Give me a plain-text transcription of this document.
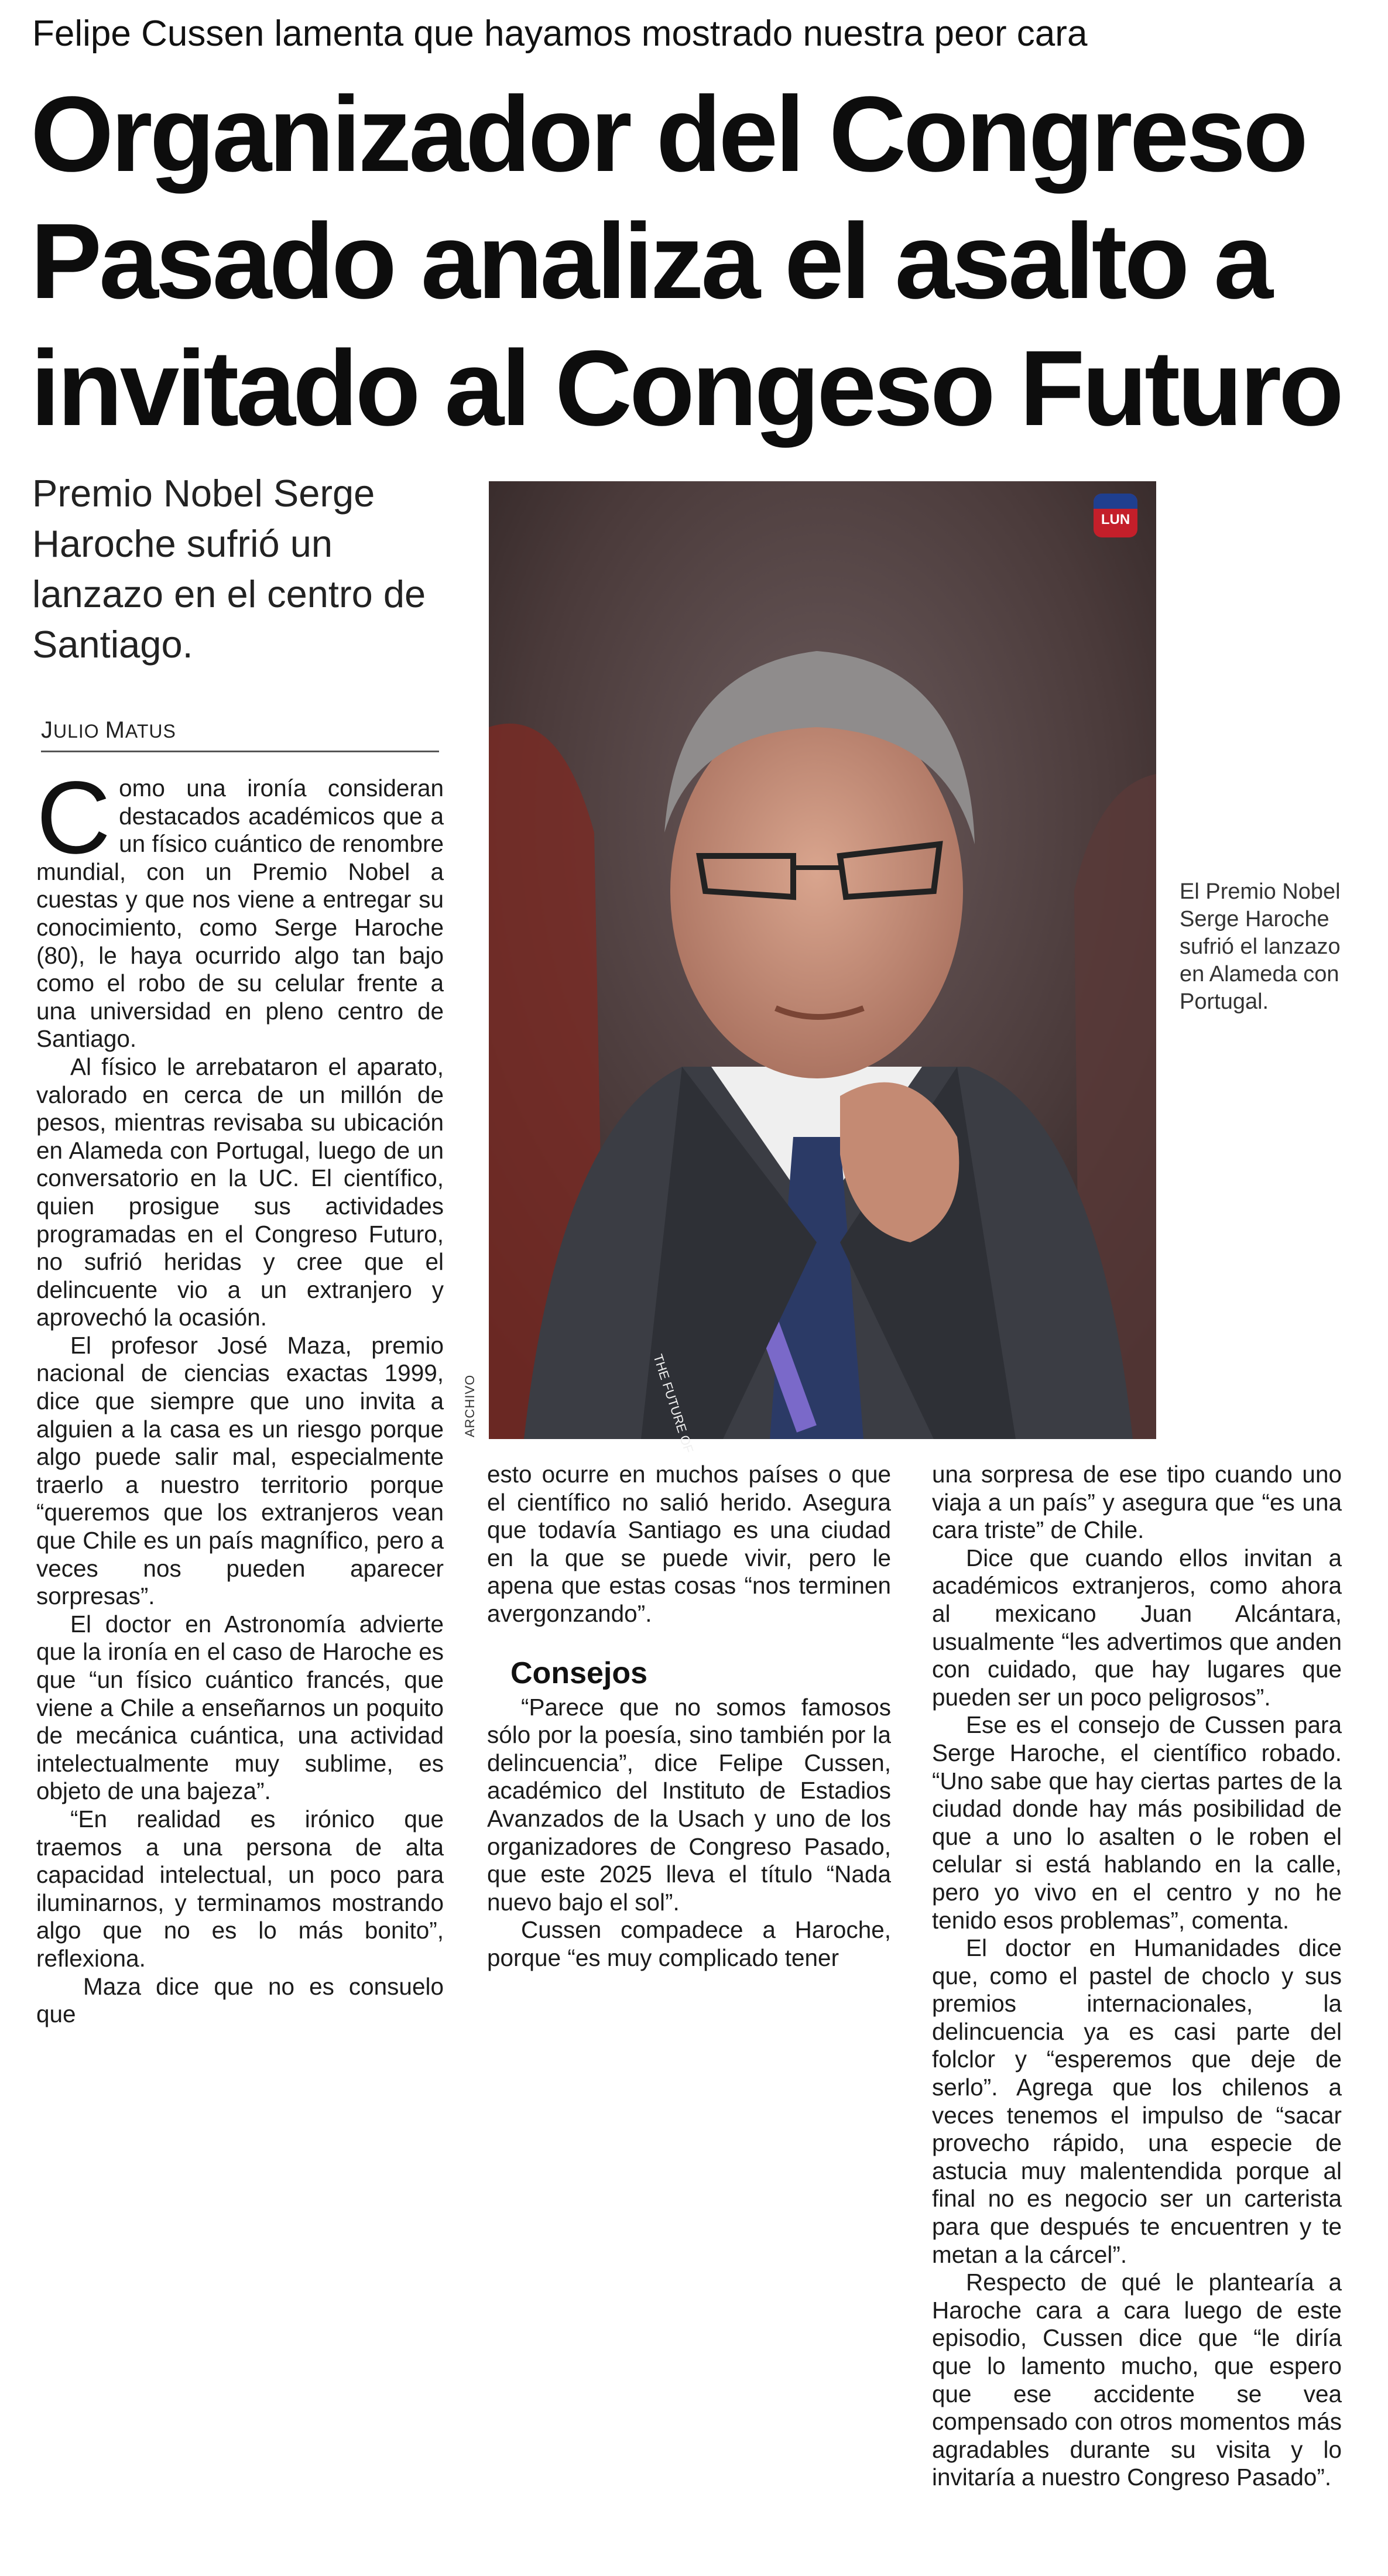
Felipe Cussen lamenta que hayamos mostrado nuestra peor cara
Organizador del Congreso
Pasado analiza el asalto a
invitado al Congeso Futuro

Premio Nobel Serge Haroche sufrió un lanzazo en el centro de Santiago.

JULIO MATUS

Como una ironía consideran destacados académicos que a un físico cuántico de renombre mundial, con un Premio Nobel a cuestas y que nos viene a entregar su conocimiento, como Serge Haroche (80), le haya ocurrido algo tan bajo como el robo de su celular frente a una universidad en pleno centro de Santiago.

Al físico le arrebataron el aparato, valorado en cerca de un millón de pesos, mientras revisaba su ubicación en Alameda con Portugal, luego de un conversatorio en la UC. El científico, quien prosigue sus actividades programadas en el Congreso Futuro, no sufrió heridas y cree que el delincuente vio a un extranjero y aprovechó la ocasión.

El profesor José Maza, premio nacional de ciencias exactas 1999, dice que siempre que uno invita a alguien a la casa es un riesgo porque algo puede salir mal, especialmente traerlo a nuestro territorio porque “queremos que los extranjeros vean que Chile es un país magnífico, pero a veces nos pueden aparecer sorpresas”.

El doctor en Astronomía advierte que la ironía en el caso de Haroche es que “un físico cuántico francés, que viene a Chile a enseñarnos un poquito de mecánica cuántica, una actividad intelectualmente muy sublime, es objeto de una bajeza”.

“En realidad es irónico que traemos a una persona de alta capacidad intelectual, un poco para iluminarnos, y terminamos mostrando algo que no es lo más bonito”, reflexiona.

Maza dice que no es consuelo que

LUN
THE FUTURE OF
ARCHIVO
El Premio Nobel Serge Haroche sufrió el lanzazo en Alameda con Portugal.

esto ocurre en muchos países o que el científico no salió herido. Asegura que todavía Santiago es una ciudad en la que se puede vivir, pero le apena que estas cosas “nos terminen avergonzando”.

Consejos

“Parece que no somos famosos sólo por la poesía, sino también por la delincuencia”, dice Felipe Cussen, académico del Instituto de Estadios Avanzados de la Usach y uno de los organizadores de Congreso Pasado, que este 2025 lleva el título “Nada nuevo bajo el sol”.

Cussen compadece a Haroche, porque “es muy complicado tener

una sorpresa de ese tipo cuando uno viaja a un país” y asegura que “es una cara triste” de Chile.

Dice que cuando ellos invitan a académicos extranjeros, como ahora al mexicano Juan Alcántara, usualmente “les advertimos que anden con cuidado, que hay lugares que pueden ser un poco peligrosos”.

Ese es el consejo de Cussen para Serge Haroche, el científico robado. “Uno sabe que hay ciertas partes de la ciudad donde hay más posibilidad de que a uno lo asalten o le roben el celular si está hablando en la calle, pero yo vivo en el centro y no he tenido esos problemas”, comenta.

El doctor en Humanidades dice que, como el pastel de choclo y sus premios internacionales, la delincuencia ya es casi parte del folclor y “esperemos que deje de serlo”. Agrega que los chilenos a veces tenemos el impulso de “sacar provecho rápido, una especie de astucia muy malentendida porque al final no es negocio ser un carterista para que después te encuentren y te metan a la cárcel”.

Respecto de qué le plantearía a Haroche cara a cara luego de este episodio, Cussen dice que “le diría que lo lamento mucho, que espero que ese accidente se vea compensado con otros momentos más agradables durante su visita y lo invitaría a nuestro Congreso Pasado”.
